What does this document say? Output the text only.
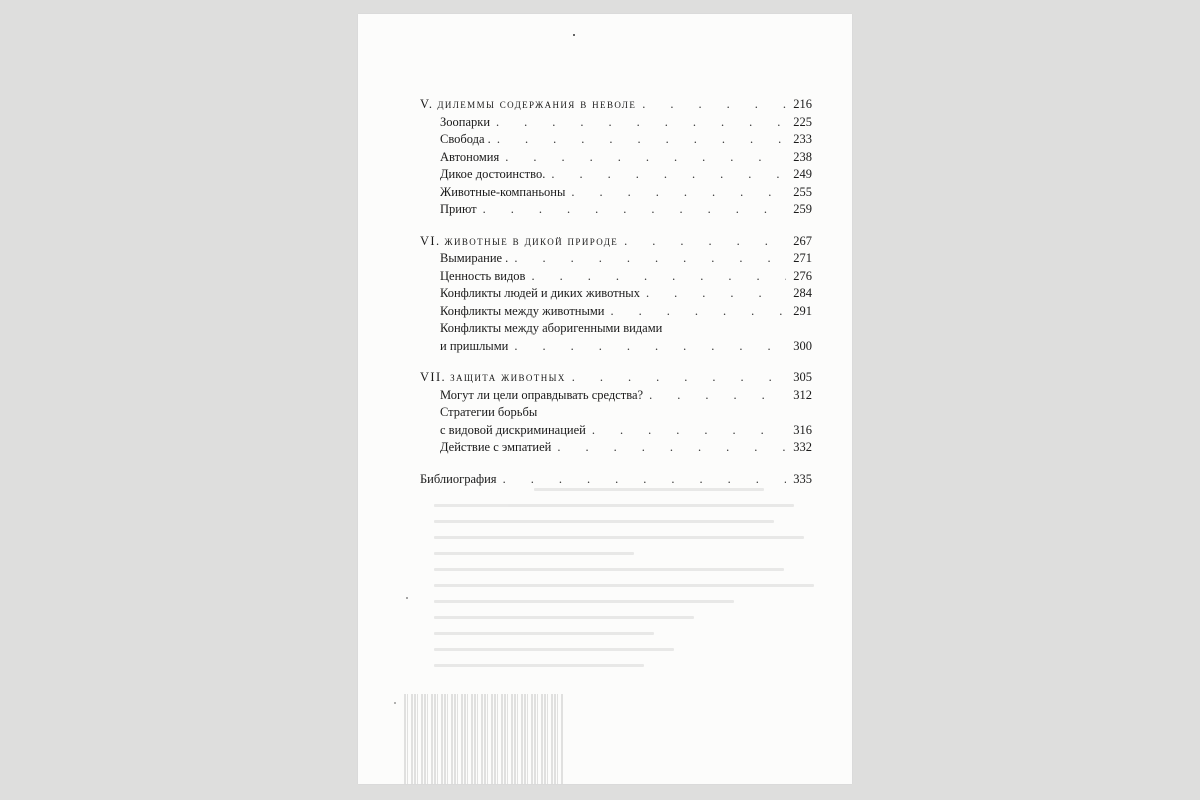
V. дилеммы содержания в неволе .	216
Зоопарки .	225
Свобода . .	233
Автономия .	238
Дикое достоинство. .	249
Животные-компаньоны .	255
Приют .	259
VI. животные в дикой природе .	267
Вымирание . .	271
Ценность видов .	276
Конфликты людей и диких животных .	284
Конфликты между животными .	291
Конфликты между аборигенными видами
и пришлыми .	300
VII. защита животных .	305
Могут ли цели оправдывать средства? .	312
Стратегии борьбы
с видовой дискриминацией .	316
Действие с эмпатией .	332
Библиография .	335
